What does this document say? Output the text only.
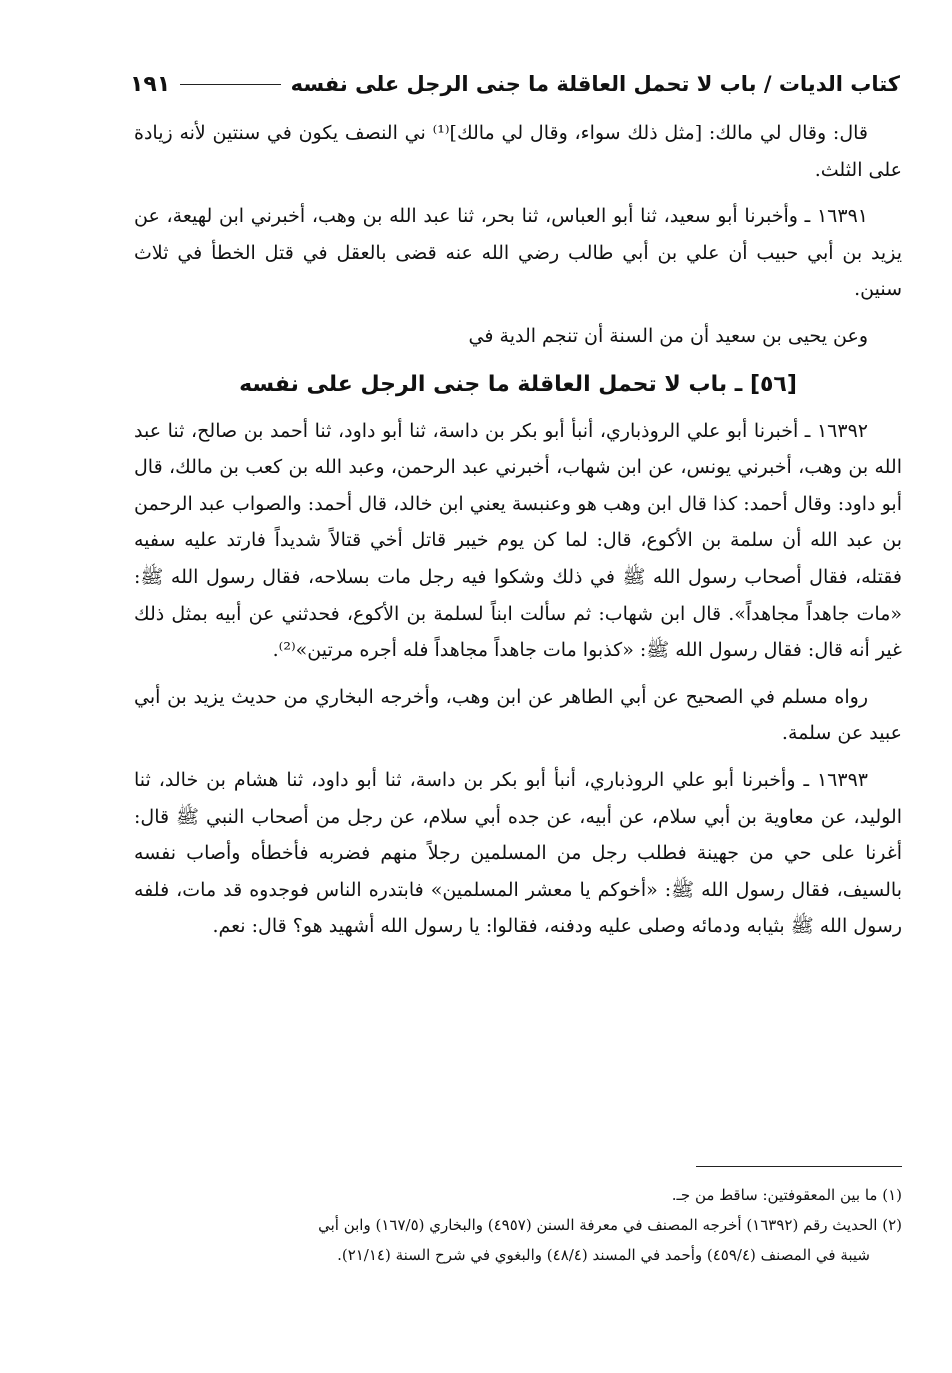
كتاب الديات / باب لا تحمل العاقلة ما جنى الرجل على نفسه
١٩١

قال: وقال لي مالك: [مثل ذلك سواء، وقال لي مالك]⁽¹⁾ ني النصف يكون في سنتين لأنه زيادة على الثلث.

١٦٣٩١ ـ وأخبرنا أبو سعيد، ثنا أبو العباس، ثنا بحر، ثنا عبد الله بن وهب، أخبرني ابن لهيعة، عن يزيد بن أبي حبيب أن علي بن أبي طالب رضي الله عنه قضى بالعقل في قتل الخطأ في ثلاث سنين.

وعن يحيى بن سعيد أن من السنة أن تنجم الدية في

[٥٦] ـ باب لا تحمل العاقلة ما جنى الرجل على نفسه

١٦٣٩٢ ـ أخبرنا أبو علي الروذباري، أنبأ أبو بكر بن داسة، ثنا أبو داود، ثنا أحمد بن صالح، ثنا عبد الله بن وهب، أخبرني يونس، عن ابن شهاب، أخبرني عبد الرحمن، وعبد الله بن كعب بن مالك، قال أبو داود: وقال أحمد: كذا قال ابن وهب هو وعنبسة يعني ابن خالد، قال أحمد: والصواب عبد الرحمن بن عبد الله أن سلمة بن الأكوع، قال: لما كن يوم خيبر قاتل أخي قتالاً شديداً فارتد عليه سفيه فقتله، فقال أصحاب رسول الله ﷺ في ذلك وشكوا فيه رجل مات بسلاحه، فقال رسول الله ﷺ: «مات جاهداً مجاهداً». قال ابن شهاب: ثم سألت ابناً لسلمة بن الأكوع، فحدثني عن أبيه بمثل ذلك غير أنه قال: فقال رسول الله ﷺ: «كذبوا مات جاهداً مجاهداً فله أجره مرتين»⁽²⁾.

رواه مسلم في الصحيح عن أبي الطاهر عن ابن وهب، وأخرجه البخاري من حديث يزيد بن أبي عبيد عن سلمة.

١٦٣٩٣ ـ وأخبرنا أبو علي الروذباري، أنبأ أبو بكر بن داسة، ثنا أبو داود، ثنا هشام بن خالد، ثنا الوليد، عن معاوية بن أبي سلام، عن أبيه، عن جده أبي سلام، عن رجل من أصحاب النبي ﷺ قال: أغرنا على حي من جهينة فطلب رجل من المسلمين رجلاً منهم فضربه فأخطأه وأصاب نفسه بالسيف، فقال رسول الله ﷺ: «أخوكم يا معشر المسلمين» فابتدره الناس فوجدوه قد مات، فلفه رسول الله ﷺ بثيابه ودمائه وصلى عليه ودفنه، فقالوا: يا رسول الله أشهيد هو؟ قال: نعم.

(١) ما بين المعقوفتين: ساقط من جـ.

(٢) الحديث رقم (١٦٣٩٢) أخرجه المصنف في معرفة السنن (٤٩٥٧) والبخاري (١٦٧/٥) وابن أبي

شيبة في المصنف (٤٥٩/٤) وأحمد في المسند (٤٨/٤) والبغوي في شرح السنة (٢١/١٤).
